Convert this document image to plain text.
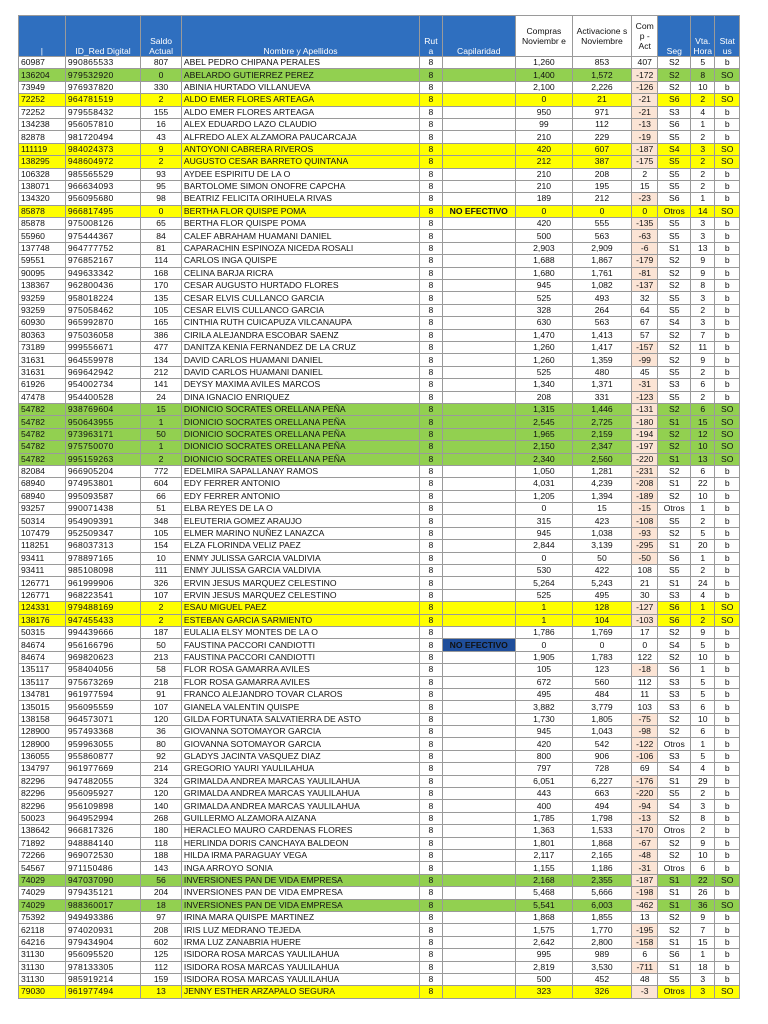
|	ID_Red Digital	Saldo Actual	Nombre y Apellidos	Rut a	Capilaridad	Compras Noviembr e	Activacione s Noviembre	Com p - Act	Seg	Vta. Hora	Stat us
60987	990865533	807	ABEL PEDRO CHIPANA PERALES	8		1,260	853	407	S2	5	b
136204	979532920	0	ABELARDO GUTIERREZ PEREZ	8		1,400	1,572	-172	S2	8	SO
73949	976937820	330	ABINIA HURTADO VILLANUEVA	8		2,100	2,226	-126	S2	10	b
72252	964781519	2	ALDO EMER FLORES ARTEAGA	8		0	21	-21	S6	2	SO
72252	979558432	155	ALDO EMER FLORES ARTEAGA	8		950	971	-21	S3	4	b
134238	956057810	16	ALEX EDUARDO LAZO CLAUDIO	8		99	112	-13	S6	1	b
82878	981720494	43	ALFREDO ALEX ALZAMORA PAUCARCAJA	8		210	229	-19	S5	2	b
111119	984024373	9	ANTOYONI CABRERA RIVEROS	8		420	607	-187	S4	3	SO
138295	948604972	2	AUGUSTO CESAR BARRETO QUINTANA	8		212	387	-175	S5	2	SO
106328	985565529	93	AYDEE ESPIRITU DE LA O	8		210	208	2	S5	2	b
138071	966634093	95	BARTOLOME SIMON ONOFRE CAPCHA	8		210	195	15	S5	2	b
134320	956095680	98	BEATRIZ FELICITA ORIHUELA RIVAS	8		189	212	-23	S6	1	b
85878	966817495	0	BERTHA FLOR QUISPE POMA	8	NO EFECTIVO	0	0	0	Otros	14	SO
85878	975008126	65	BERTHA FLOR QUISPE POMA	8		420	555	-135	S5	3	b
55960	975444367	84	CALEF ABRAHAM HUAMANI DANIEL	8		500	563	-63	S5	3	b
137748	964777752	81	CAPARACHIN ESPINOZA NICEDA ROSALI	8		2,903	2,909	-6	S1	13	b
59551	976852167	114	CARLOS INGA QUISPE	8		1,688	1,867	-179	S2	9	b
90095	949633342	168	CELINA BARJA RICRA	8		1,680	1,761	-81	S2	9	b
138367	962800436	170	CESAR AUGUSTO HURTADO FLORES	8		945	1,082	-137	S2	8	b
93259	958018224	135	CESAR ELVIS CULLANCO GARCIA	8		525	493	32	S5	3	b
93259	975058462	105	CESAR ELVIS CULLANCO GARCIA	8		328	264	64	S5	2	b
60930	965992870	165	CINTHIA RUTH CUICAPUZA VILCANAUPA	8		630	563	67	S4	3	b
80363	975036058	386	CIRILA ALEJANDRA ESCOBAR SAENZ	8		1,470	1,413	57	S2	7	b
73189	999556671	477	DANITZA KENIA FERNANDEZ DE LA CRUZ	8		1,260	1,417	-157	S2	11	b
31631	964559978	134	DAVID CARLOS HUAMANI DANIEL	8		1,260	1,359	-99	S2	9	b
31631	969642942	212	DAVID CARLOS HUAMANI DANIEL	8		525	480	45	S5	2	b
61926	954002734	141	DEYSY MAXIMA AVILES MARCOS	8		1,340	1,371	-31	S3	6	b
47478	954400528	24	DINA IGNACIO ENRIQUEZ	8		208	331	-123	S5	2	b
54782	938769604	15	DIONICIO SOCRATES ORELLANA PEÑA	8		1,315	1,446	-131	S2	6	SO
54782	950643955	1	DIONICIO SOCRATES ORELLANA PEÑA	8		2,545	2,725	-180	S1	15	SO
54782	973963171	50	DIONICIO SOCRATES ORELLANA PEÑA	8		1,965	2,159	-194	S2	12	SO
54782	975750070	1	DIONICIO SOCRATES ORELLANA PEÑA	8		2,150	2,347	-197	S2	10	SO
54782	995159263	2	DIONICIO SOCRATES ORELLANA PEÑA	8		2,340	2,560	-220	S1	13	SO
82084	966905204	772	EDELMIRA SAPALLANAY RAMOS	8		1,050	1,281	-231	S2	6	b
68940	974953801	604	EDY FERRER ANTONIO	8		4,031	4,239	-208	S1	22	b
68940	995093587	66	EDY FERRER ANTONIO	8		1,205	1,394	-189	S2	10	b
93257	990071438	51	ELBA REYES DE LA O	8		0	15	-15	Otros	1	b
50314	954909391	348	ELEUTERIA GOMEZ ARAUJO	8		315	423	-108	S5	2	b
107479	952509347	105	ELMER MARINO NUÑEZ LANAZCA	8		945	1,038	-93	S2	5	b
118251	968037313	154	ELZA FLORINDA VELIZ PAEZ	8		2,844	3,139	-295	S1	20	b
93411	978897165	10	ENMY JULISSA GARCIA VALDIVIA	8		0	50	-50	S6	1	b
93411	985108098	111	ENMY JULISSA GARCIA VALDIVIA	8		530	422	108	S5	2	b
126771	961999906	326	ERVIN JESUS MARQUEZ CELESTINO	8		5,264	5,243	21	S1	24	b
126771	968223541	107	ERVIN JESUS MARQUEZ CELESTINO	8		525	495	30	S3	4	b
124331	979488169	2	ESAU MIGUEL PAEZ	8		1	128	-127	S6	1	SO
138176	947455433	2	ESTEBAN GARCIA SARMIENTO	8		1	104	-103	S6	2	SO
50315	994439666	187	EULALIA ELSY MONTES DE LA O	8		1,786	1,769	17	S2	9	b
84674	956166796	50	FAUSTINA PACCORI CANDIOTTI	8	NO EFECTIVO	0	0	0	S4	5	b
84674	969820623	213	FAUSTINA PACCORI CANDIOTTI	8		1,905	1,783	122	S2	10	b
135117	958404056	58	FLOR ROSA GAMARRA AVILES	8		105	123	-18	S6	1	b
135117	975673269	218	FLOR ROSA GAMARRA AVILES	8		672	560	112	S3	5	b
134781	961977594	91	FRANCO ALEJANDRO TOVAR CLAROS	8		495	484	11	S3	5	b
135015	956095559	107	GIANELA VALENTIN QUISPE	8		3,882	3,779	103	S3	6	b
138158	964573071	120	GILDA FORTUNATA SALVATIERRA DE ASTO	8		1,730	1,805	-75	S2	10	b
128900	957493368	36	GIOVANNA SOTOMAYOR GARCIA	8		945	1,043	-98	S2	6	b
128900	959963055	80	GIOVANNA SOTOMAYOR GARCIA	8		420	542	-122	Otros	1	b
136055	955860877	92	GLADYS JACINTA VASQUEZ DIAZ	8		800	906	-106	S3	5	b
134797	961977669	214	GREGORIO YAURI YAULILAHUA	8		797	728	69	S4	4	b
82296	947482055	324	GRIMALDA ANDREA MARCAS YAULILAHUA	8		6,051	6,227	-176	S1	29	b
82296	956095927	120	GRIMALDA ANDREA MARCAS YAULILAHUA	8		443	663	-220	S5	2	b
82296	956109898	140	GRIMALDA ANDREA MARCAS YAULILAHUA	8		400	494	-94	S4	3	b
50023	964952994	268	GUILLERMO ALZAMORA AIZANA	8		1,785	1,798	-13	S2	8	b
138642	966817326	180	HERACLEO MAURO CARDENAS FLORES	8		1,363	1,533	-170	Otros	2	b
71892	948884140	118	HERLINDA DORIS CANCHAYA BALDEON	8		1,801	1,868	-67	S2	9	b
72266	969072530	188	HILDA IRMA PARAGUAY VEGA	8		2,117	2,165	-48	S2	10	b
54567	971150486	143	INGA ARROYO SONIA	8		1,155	1,186	-31	Otros	6	b
74029	947037090	56	INVERSIONES PAN DE VIDA EMPRESA	8		2,168	2,355	-187	S1	22	SO
74029	979435121	204	INVERSIONES PAN DE VIDA EMPRESA	8		5,468	5,666	-198	S1	26	b
74029	988360017	18	INVERSIONES PAN DE VIDA EMPRESA	8		5,541	6,003	-462	S1	36	SO
75392	949493386	97	IRINA MARA QUISPE MARTINEZ	8		1,868	1,855	13	S2	9	b
62118	974020931	208	IRIS LUZ MEDRANO TEJEDA	8		1,575	1,770	-195	S2	7	b
64216	979434904	602	IRMA LUZ ZANABRIA HUERE	8		2,642	2,800	-158	S1	15	b
31130	956095520	125	ISIDORA ROSA MARCAS YAULILAHUA	8		995	989	6	S6	1	b
31130	978133305	112	ISIDORA ROSA MARCAS YAULILAHUA	8		2,819	3,530	-711	S1	18	b
31130	985919214	159	ISIDORA ROSA MARCAS YAULILAHUA	8		500	452	48	S5	3	b
79030	961977494	13	JENNY ESTHER ARZAPALO SEGURA	8		323	326	-3	Otros	3	SO
